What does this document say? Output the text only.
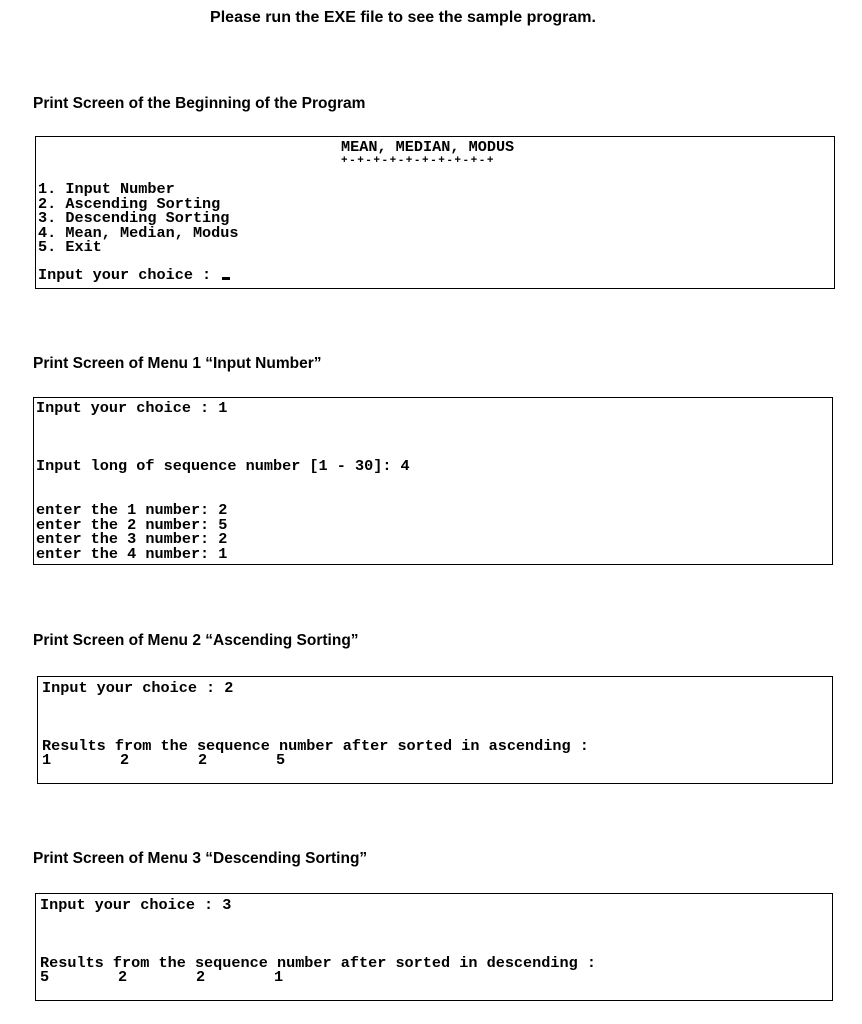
Please run the EXE file to see the sample program.
Print Screen of the Beginning of the Program
MEAN, MEDIAN, MODUS
+-+-+-+-+-+-+-+-+-+
1. Input Number
2. Ascending Sorting
3. Descending Sorting
4. Mean, Median, Modus
5. Exit
Input your choice :
Print Screen of Menu 1 “Input Number”
Input your choice : 1
Input long of sequence number [1 - 30]: 4
enter the 1 number: 2
enter the 2 number: 5
enter the 3 number: 2
enter the 4 number: 1
Print Screen of Menu 2 “Ascending Sorting”
Input your choice : 2
Results from the sequence number after sorted in ascending :
1	2	2	5
Print Screen of Menu 3 “Descending Sorting”
Input your choice : 3
Results from the sequence number after sorted in descending :
5	2	2	1
